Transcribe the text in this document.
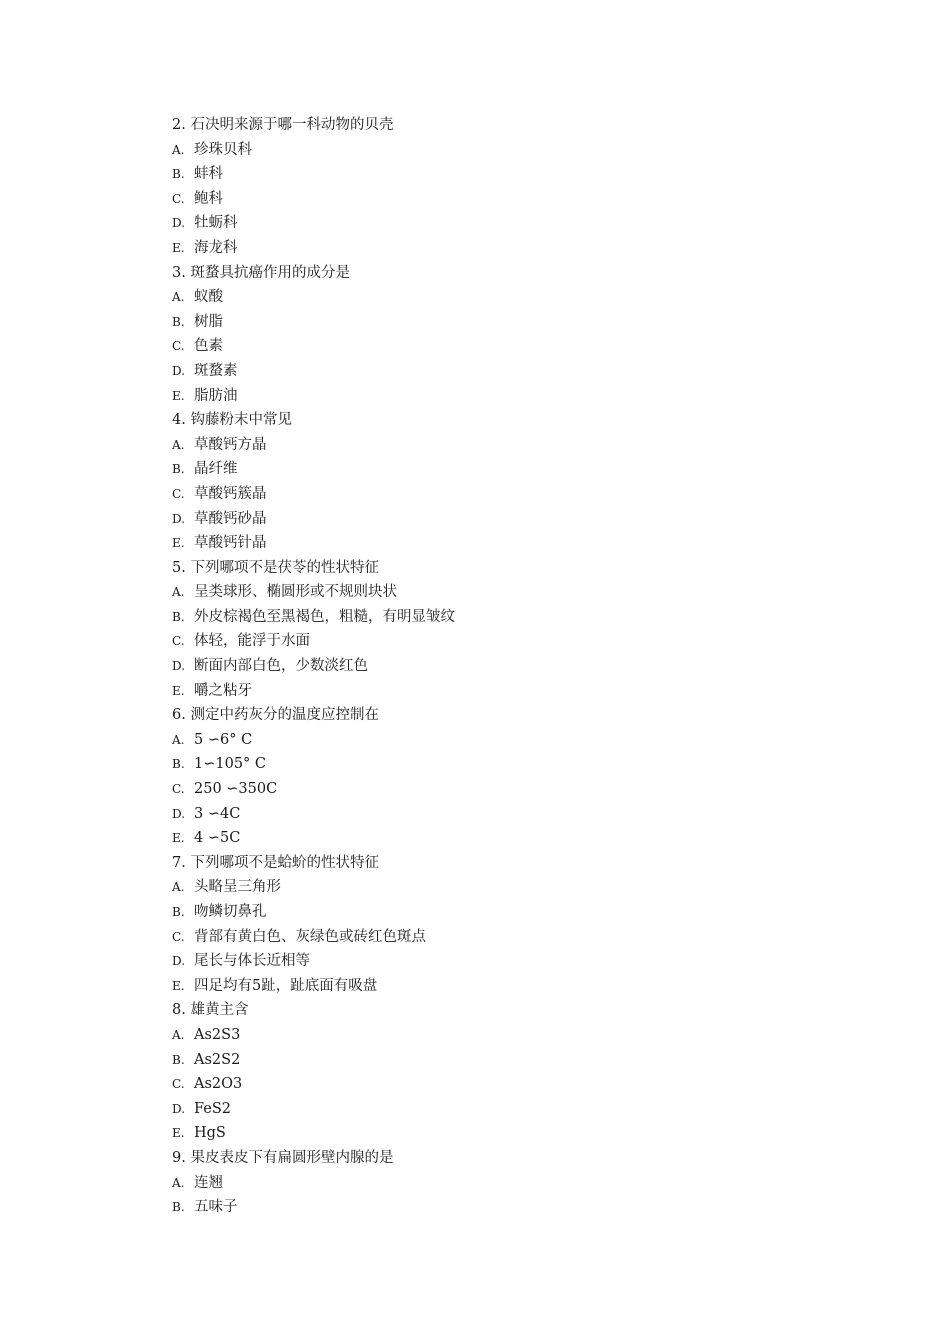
2. 石决明来源于哪一科动物的贝壳
A. 珍珠贝科
B. 蚌科
C. 鲍科
D. 牡蛎科
E. 海龙科
3. 斑蝥具抗癌作用的成分是
A. 蚁酸
B. 树脂
C. 色素
D. 斑蝥素
E. 脂肪油
4. 钩藤粉末中常见
A. 草酸钙方晶
B. 晶纤维
C. 草酸钙簇晶
D. 草酸钙砂晶
E. 草酸钙针晶
5. 下列哪项不是茯苓的性状特征
A. 呈类球形、椭圆形或不规则块状
B. 外皮棕褐色至黑褐色，粗糙，有明显皱纹
C. 体轻，能浮于水面
D. 断面内部白色，少数淡红色
E. 嚼之粘牙
6. 测定中药灰分的温度应控制在
A. 5 ∽6° C
B. 1∽105° C
C. 250 ∽350C
D. 3 ∽4C
E. 4 ∽5C
7. 下列哪项不是蛤蚧的性状特征
A. 头略呈三角形
B. 吻鳞切鼻孔
C. 背部有黄白色、灰绿色或砖红色斑点
D. 尾长与体长近相等
E. 四足均有5趾，趾底面有吸盘
8. 雄黄主含
A. As2S3
B. As2S2
C. As2O3
D. FeS2
E. HgS
9. 果皮表皮下有扁圆形壁内腺的是
A. 连翘
B. 五味子
